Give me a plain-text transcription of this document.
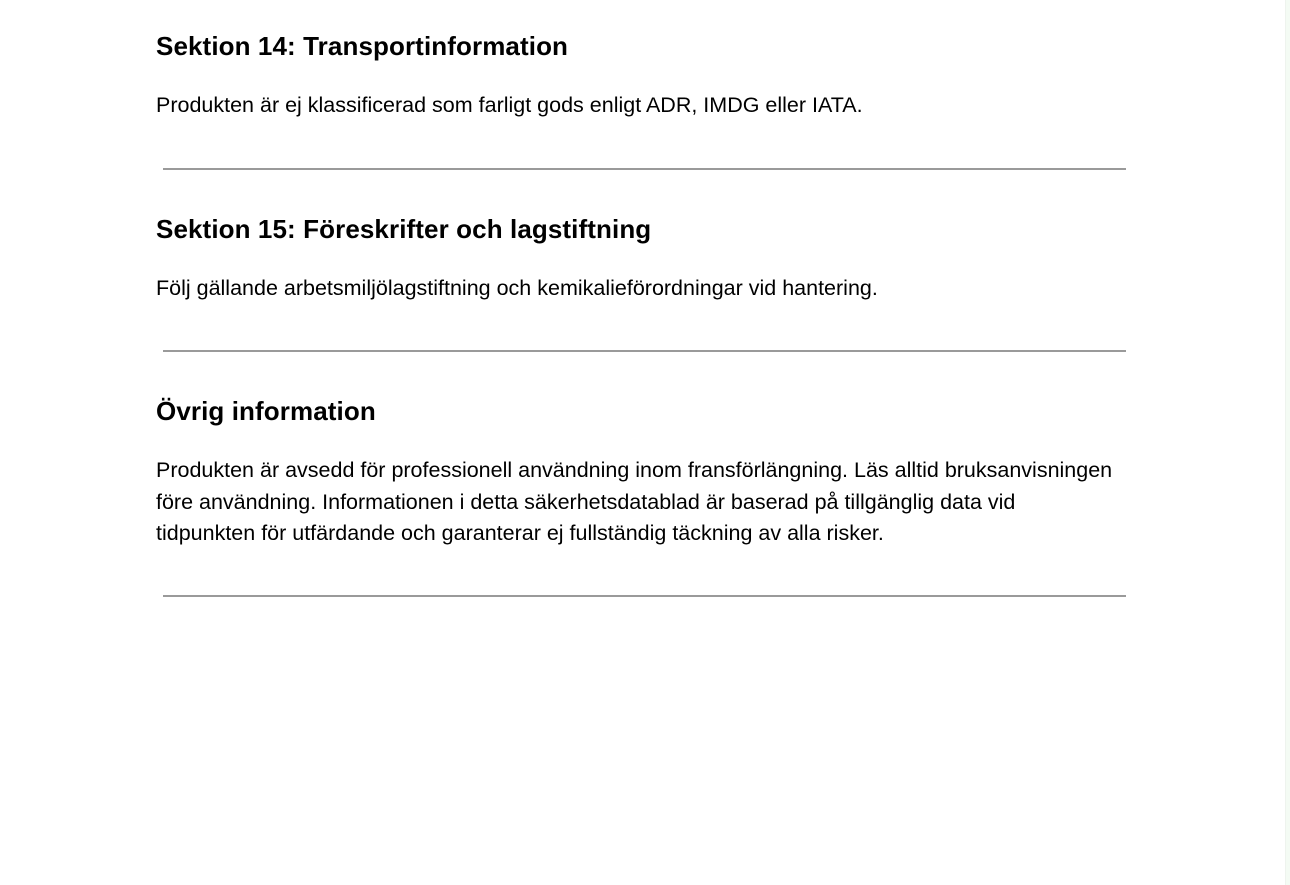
Sektion 14: Transportinformation

Produkten är ej klassificerad som farligt gods enligt ADR, IMDG eller IATA.

Sektion 15: Föreskrifter och lagstiftning

Följ gällande arbetsmiljölagstiftning och kemikalieförordningar vid hantering.

Övrig information

Produkten är avsedd för professionell användning inom fransförlängning. Läs alltid bruksanvisningen före användning. Informationen i detta säkerhetsdatablad är baserad på tillgänglig data vid tidpunkten för utfärdande och garanterar ej fullständig täckning av alla risker.
